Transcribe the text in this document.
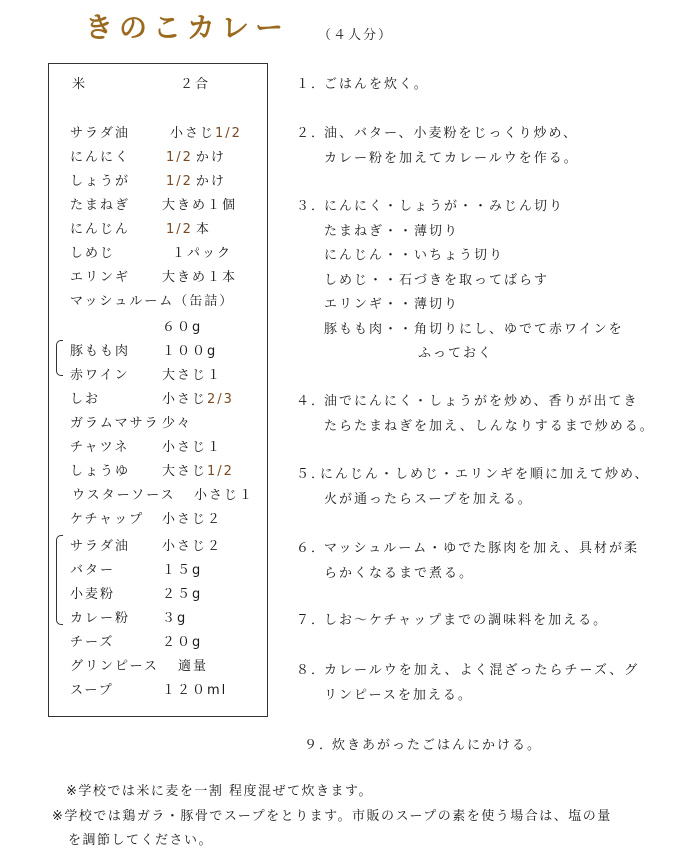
きのこカレー （４人分）
米	２合
サラダ油	小さじ1/2
にんにく	1/2 かけ
しょうが	1/2 かけ
たまねぎ 大きめ１個
にんじん	1/2 本
しめじ	１パック
エリンギ 大きめ１本
マッシュルーム（缶詰）
６０g
豚もも肉 １００g
赤ワイン 大さじ１
しお	小さじ2/3
ガラムマサラ 少々
チャツネ	小さじ１
しょうゆ 大さじ1/2
ウスターソース 小さじ１
ケチャップ 小さじ２
サラダ油 小さじ２
バター	１５g
小麦粉	２５g
カレー粉 ３g
チーズ	２０g
グリンピース 適量
スープ	１２０ml
１．
ごはんを炊く。
２．
油、バター、小麦粉をじっくり炒め、
カレー粉を加えてカレールウを作る。
３．
にんにく・しょうが・・みじん切り
たまねぎ・・薄切り
にんじん・・いちょう切り
しめじ・・石づきを取ってばらす
エリンギ・・薄切り
豚もも肉・・角切りにし、ゆでて赤ワインを
ふっておく
４．
油でにんにく・しょうがを炒め、香りが出てき
たらたまねぎを加え、しんなりするまで炒める。
５．
にんじん・しめじ・エリンギを順に加えて炒め、
火が通ったらスープを加える。
６．
マッシュルーム・ゆでた豚肉を加え、具材が柔
らかくなるまで煮る。
７．
しお～ケチャップまでの調味料を加える。
８．
カレールウを加え、よく混ざったらチーズ、グ
リンピースを加える。
９．
炊きあがったごはんにかける。
※学校では米に麦を一割 程度混ぜて炊きます。
※学校では鶏ガラ・豚骨でスープをとります。市販のスープの素を使う場合は、塩の量
を調節してください。
